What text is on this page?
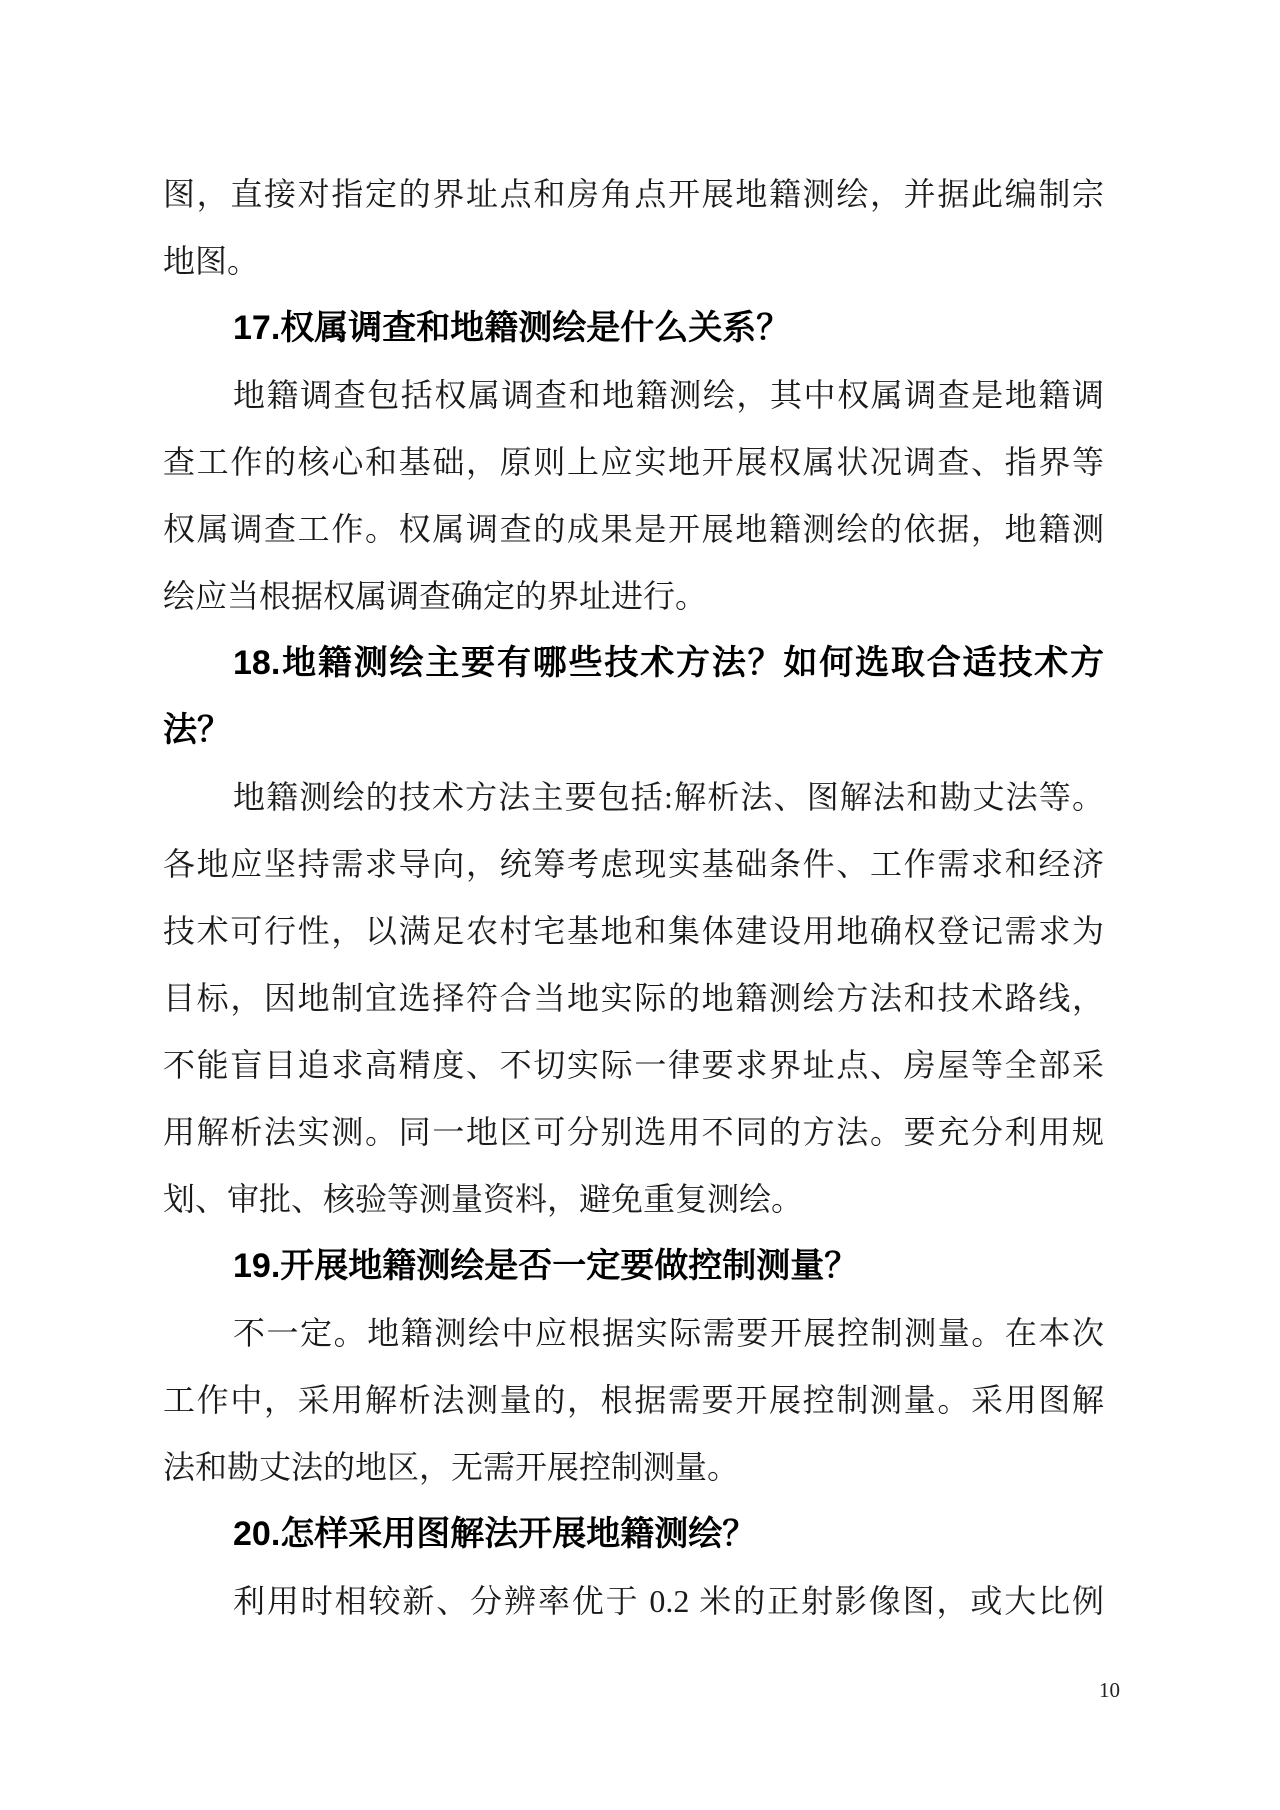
图，直接对指定的界址点和房角点开展地籍测绘，并据此编制宗
地图。
17.权属调查和地籍测绘是什么关系？
地籍调查包括权属调查和地籍测绘，其中权属调查是地籍调
查工作的核心和基础，原则上应实地开展权属状况调查、指界等
权属调查工作。权属调查的成果是开展地籍测绘的依据，地籍测
绘应当根据权属调查确定的界址进行。
18.地籍测绘主要有哪些技术方法？如何选取合适技术方
法？
地籍测绘的技术方法主要包括:解析法、图解法和勘丈法等。
各地应坚持需求导向，统筹考虑现实基础条件、工作需求和经济
技术可行性，以满足农村宅基地和集体建设用地确权登记需求为
目标，因地制宜选择符合当地实际的地籍测绘方法和技术路线，
不能盲目追求高精度、不切实际一律要求界址点、房屋等全部采
用解析法实测。同一地区可分别选用不同的方法。要充分利用规
划、审批、核验等测量资料，避免重复测绘。
19.开展地籍测绘是否一定要做控制测量？
不一定。地籍测绘中应根据实际需要开展控制测量。在本次
工作中，采用解析法测量的，根据需要开展控制测量。采用图解
法和勘丈法的地区，无需开展控制测量。
20.怎样采用图解法开展地籍测绘？
利用时相较新、分辨率优于 0.2 米的正射影像图，或大比例
10
